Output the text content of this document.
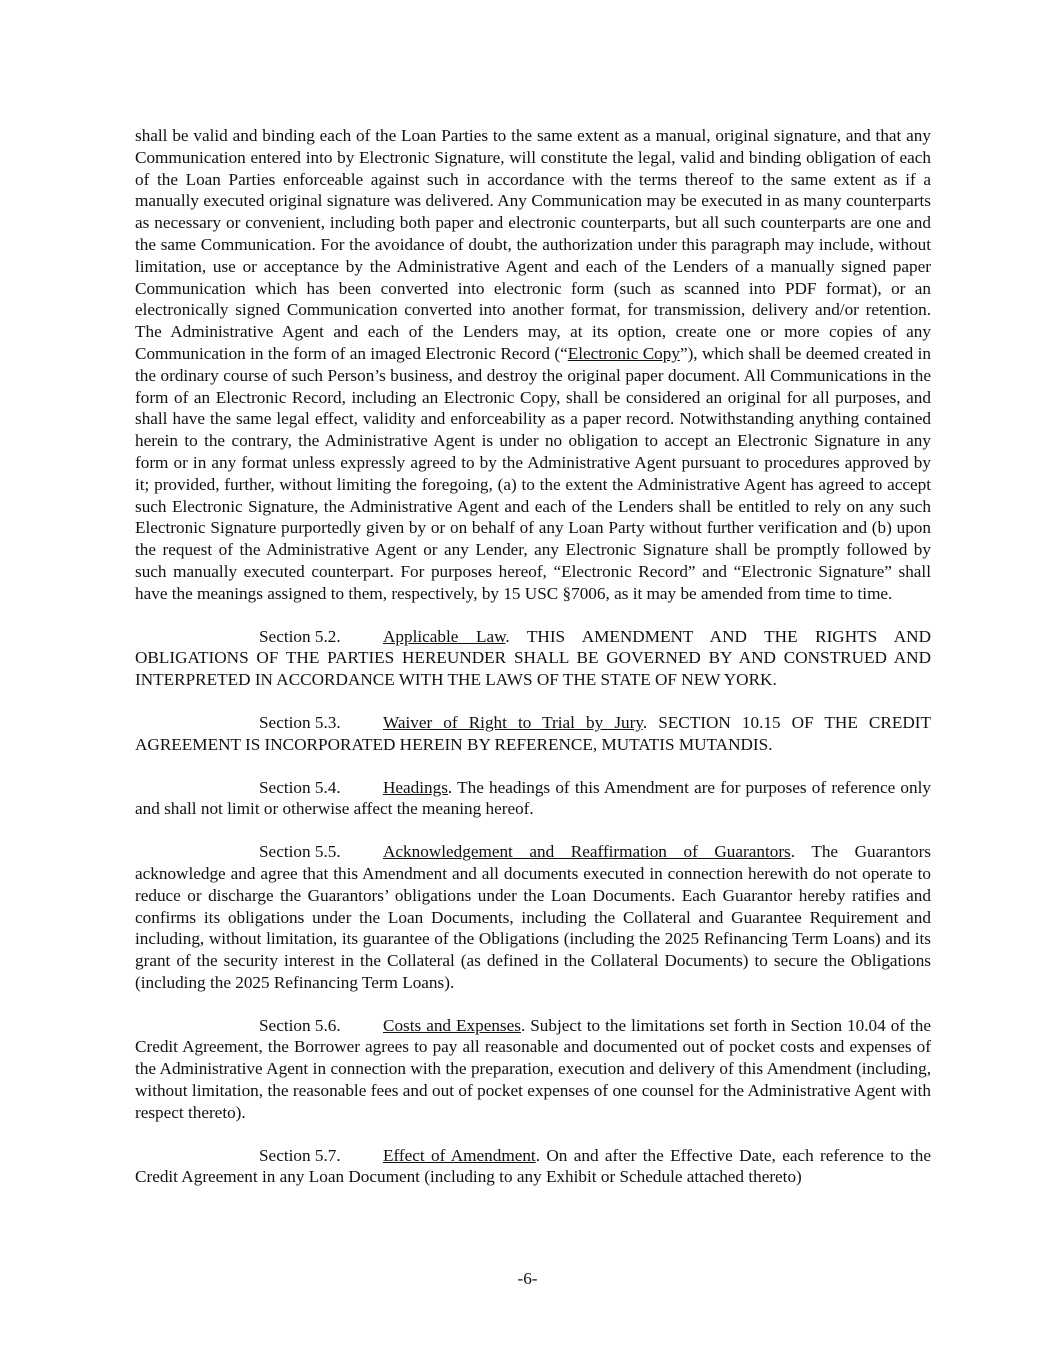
shall be valid and binding each of the Loan Parties to the same extent as a manual, original signature, and that any Communication entered into by Electronic Signature, will constitute the legal, valid and binding obligation of each of the Loan Parties enforceable against such in accordance with the terms thereof to the same extent as if a manually executed original signature was delivered. Any Communication may be executed in as many counterparts as necessary or convenient, including both paper and electronic counterparts, but all such counterparts are one and the same Communication. For the avoidance of doubt, the authorization under this paragraph may include, without limitation, use or acceptance by the Administrative Agent and each of the Lenders of a manually signed paper Communication which has been converted into electronic form (such as scanned into PDF format), or an electronically signed Communication converted into another format, for transmission, delivery and/or retention. The Administrative Agent and each of the Lenders may, at its option, create one or more copies of any Communication in the form of an imaged Electronic Record (“Electronic Copy”), which shall be deemed created in the ordinary course of such Person’s business, and destroy the original paper document. All Communications in the form of an Electronic Record, including an Electronic Copy, shall be considered an original for all purposes, and shall have the same legal effect, validity and enforceability as a paper record. Notwithstanding anything contained herein to the contrary, the Administrative Agent is under no obligation to accept an Electronic Signature in any form or in any format unless expressly agreed to by the Administrative Agent pursuant to procedures approved by it; provided, further, without limiting the foregoing, (a) to the extent the Administrative Agent has agreed to accept such Electronic Signature, the Administrative Agent and each of the Lenders shall be entitled to rely on any such Electronic Signature purportedly given by or on behalf of any Loan Party without further verification and (b) upon the request of the Administrative Agent or any Lender, any Electronic Signature shall be promptly followed by such manually executed counterpart. For purposes hereof, “Electronic Record” and “Electronic Signature” shall have the meanings assigned to them, respectively, by 15 USC §7006, as it may be amended from time to time.

Section 5.2. Applicable Law. THIS AMENDMENT AND THE RIGHTS AND OBLIGATIONS OF THE PARTIES HEREUNDER SHALL BE GOVERNED BY AND CONSTRUED AND INTERPRETED IN ACCORDANCE WITH THE LAWS OF THE STATE OF NEW YORK.

Section 5.3. Waiver of Right to Trial by Jury. SECTION 10.15 OF THE CREDIT AGREEMENT IS INCORPORATED HEREIN BY REFERENCE, MUTATIS MUTANDIS.

Section 5.4. Headings. The headings of this Amendment are for purposes of reference only and shall not limit or otherwise affect the meaning hereof.

Section 5.5. Acknowledgement and Reaffirmation of Guarantors. The Guarantors acknowledge and agree that this Amendment and all documents executed in connection herewith do not operate to reduce or discharge the Guarantors’ obligations under the Loan Documents. Each Guarantor hereby ratifies and confirms its obligations under the Loan Documents, including the Collateral and Guarantee Requirement and including, without limitation, its guarantee of the Obligations (including the 2025 Refinancing Term Loans) and its grant of the security interest in the Collateral (as defined in the Collateral Documents) to secure the Obligations (including the 2025 Refinancing Term Loans).

Section 5.6. Costs and Expenses. Subject to the limitations set forth in Section 10.04 of the Credit Agreement, the Borrower agrees to pay all reasonable and documented out of pocket costs and expenses of the Administrative Agent in connection with the preparation, execution and delivery of this Amendment (including, without limitation, the reasonable fees and out of pocket expenses of one counsel for the Administrative Agent with respect thereto).

Section 5.7. Effect of Amendment. On and after the Effective Date, each reference to the Credit Agreement in any Loan Document (including to any Exhibit or Schedule attached thereto)

-6-
